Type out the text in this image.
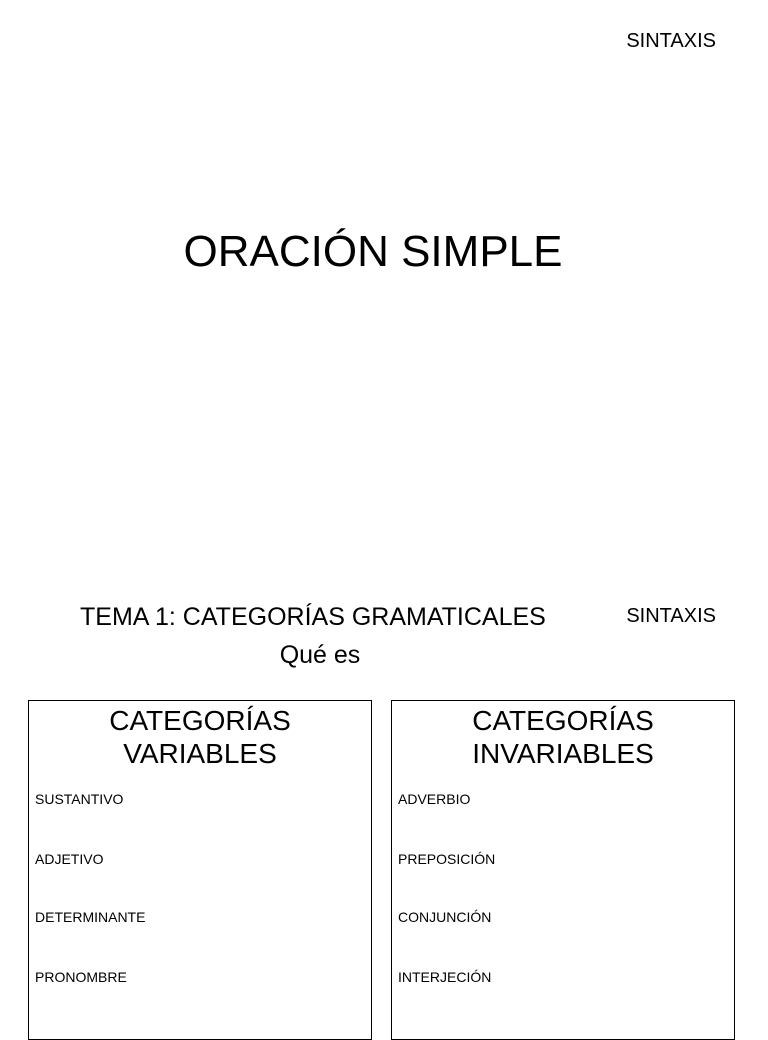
SINTAXIS
ORACIÓN SIMPLE
TEMA 1: CATEGORÍAS GRAMATICALES	SINTAXIS
Qué es
CATEGORÍAS
VARIABLES
SUSTANTIVO
ADJETIVO
DETERMINANTE
PRONOMBRE
CATEGORÍAS
INVARIABLES
ADVERBIO
PREPOSICIÓN
CONJUNCIÓN
INTERJECIÓN
